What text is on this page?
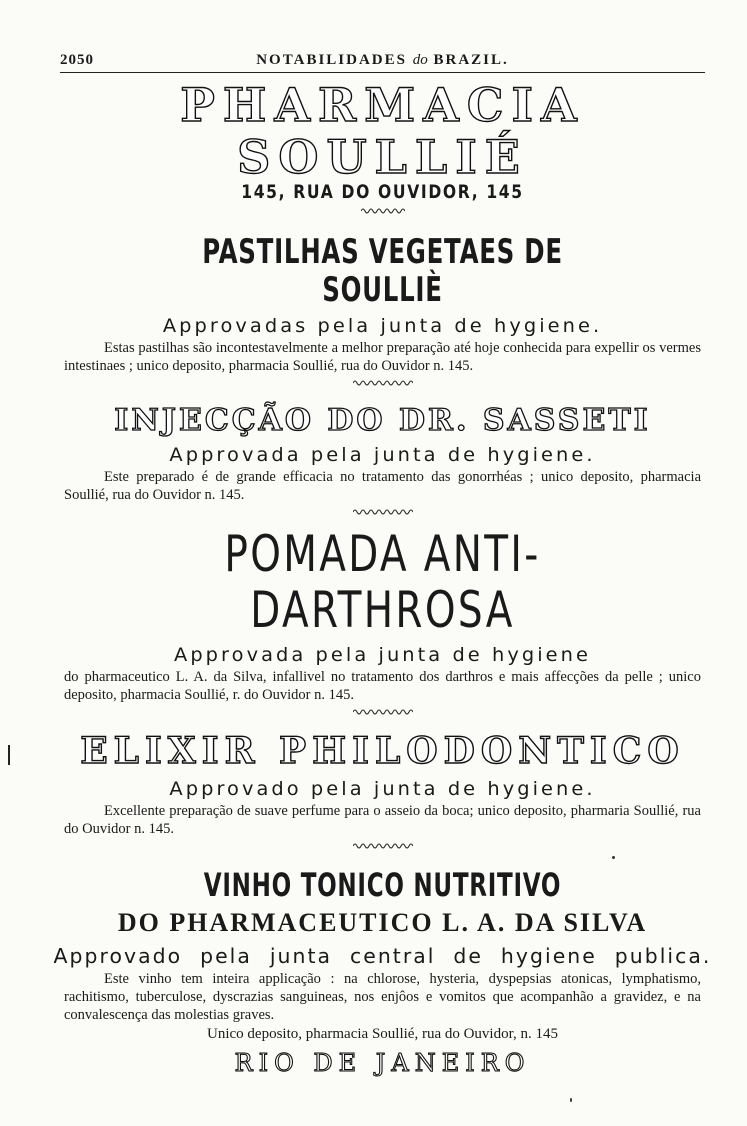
2050	NOTABILIDADES do BRAZIL.
PHARMACIA SOULLIÉ
145, RUA DO OUVIDOR, 145
PASTILHAS VEGETAES DE SOULLIÈ
Approvadas pela junta de hygiene.

Estas pastilhas são incontestavelmente a melhor preparação até hoje conhecida para expellir os vermes intestinaes ; unico deposito, pharmacia Soullié, rua do Ouvidor n. 145.

INJECÇÃO DO DR. SASSETI
Approvada pela junta de hygiene.

Este preparado é de grande efficacia no tratamento das gonorrhéas ; unico deposito, pharmacia Soullié, rua do Ouvidor n. 145.

POMADA ANTI-DARTHROSA
Approvada pela junta de hygiene

do pharmaceutico L. A. da Silva, infallivel no tratamento dos darthros e mais affecções da pelle ; unico deposito, pharmacia Soullié, r. do Ouvidor n. 145.

ELIXIR PHILODONTICO
Approvado pela junta de hygiene.

Excellente preparação de suave perfume para o asseio da boca; unico deposito, pharmaria Soullié, rua do Ouvidor n. 145.

VINHO TONICO NUTRITIVO
DO PHARMACEUTICO L. A. DA SILVA
Approvado pela junta central de hygiene publica.

Este vinho tem inteira applicação : na chlorose, hysteria, dyspepsias atonicas, lymphatismo, rachitismo, tuberculose, dyscrazias sanguineas, nos enjôos e vomitos que acompanhão a gravidez, e na convalescença das molestias graves.

Unico deposito, pharmacia Soullié, rua do Ouvidor, n. 145
RIO DE JANEIRO
